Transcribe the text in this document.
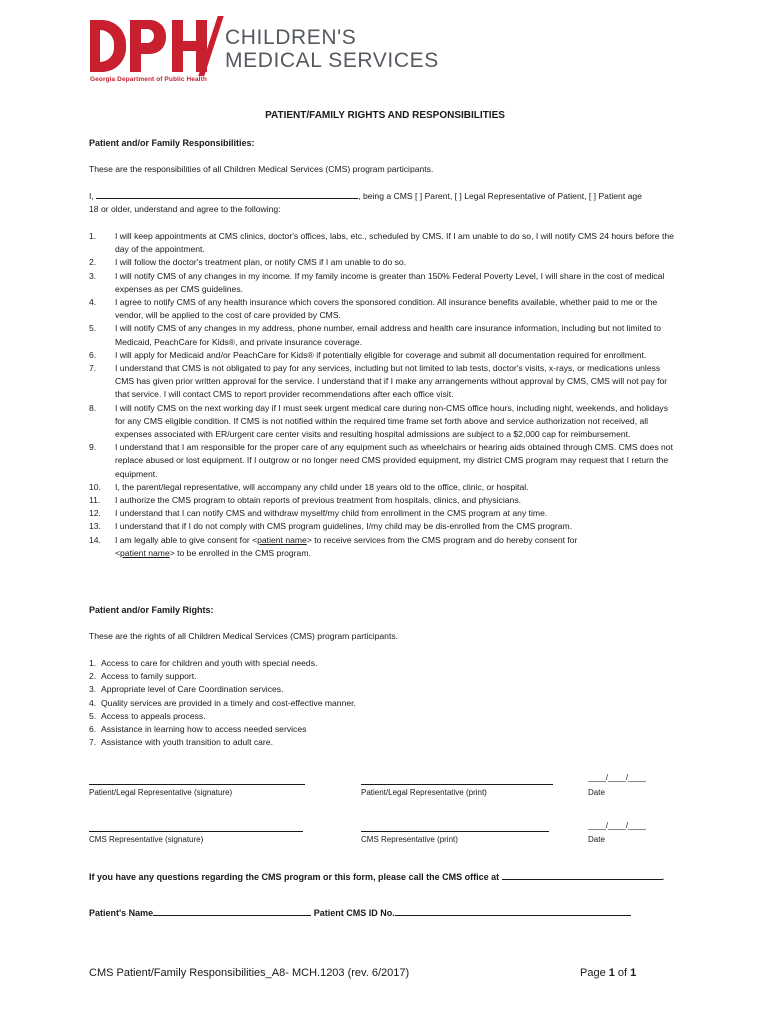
Georgia Department of Public Health
CHILDREN'S
MEDICAL SERVICES
PATIENT/FAMILY RIGHTS AND RESPONSIBILITIES
Patient and/or Family Responsibilities:
These are the responsibilities of all Children Medical Services (CMS) program participants.
I,	, being a CMS [ ] Parent, [ ] Legal Representative of Patient, [ ] Patient age
18 or older, understand and agree to the following:
1. I will keep appointments at CMS clinics, doctor's offices, labs, etc., scheduled by CMS. If I am unable to do so, I will notify CMS 24 hours before the day of the appointment.
2. I will follow the doctor's treatment plan, or notify CMS if I am unable to do so.
3. I will notify CMS of any changes in my income. If my family income is greater than 150% Federal Poverty Level, I will share in the cost of medical expenses as per CMS guidelines.
4. I agree to notify CMS of any health insurance which covers the sponsored condition. All insurance benefits available, whether paid to me or the vendor, will be applied to the cost of care provided by CMS.
5. I will notify CMS of any changes in my address, phone number, email address and health care insurance information, including but not limited to Medicaid, PeachCare for Kids®, and private insurance coverage.
6. I will apply for Medicaid and/or PeachCare for Kids® if potentially eligible for coverage and submit all documentation required for enrollment.
7. I understand that CMS is not obligated to pay for any services, including but not limited to lab tests, doctor's visits, x-rays, or medications unless CMS has given prior written approval for the service. I understand that if I make any arrangements without approval by CMS, CMS will not pay for that service. I will contact CMS to report provider recommendations after each office visit.
8. I will notify CMS on the next working day if I must seek urgent medical care during non-CMS office hours, including night, weekends, and holidays for any CMS eligible condition. If CMS is not notified within the required time frame set forth above and service authorization not received, all expenses associated with ER/urgent care center visits and resulting hospital admissions are subject to a $2,000 cap for reimbursement.
9. I understand that I am responsible for the proper care of any equipment such as wheelchairs or hearing aids obtained through CMS. CMS does not replace abused or lost equipment. If I outgrow or no longer need CMS provided equipment, my district CMS program may request that I return the equipment.
10. I, the parent/legal representative, will accompany any child under 18 years old to the office, clinic, or hospital.
11. I authorize the CMS program to obtain reports of previous treatment from hospitals, clinics, and physicians.
12. I understand that I can notify CMS and withdraw myself/my child from enrollment in the CMS program at any time.
13. I understand that if I do not comply with CMS program guidelines, I/my child may be dis-enrolled from the CMS program.
14. I am legally able to give consent for <patient name> to receive services from the CMS program and do hereby consent for
<patient name> to be enrolled in the CMS program.
Patient and/or Family Rights:
These are the rights of all Children Medical Services (CMS) program participants.
1. Access to care for children and youth with special needs.
2. Access to family support.
3. Appropriate level of Care Coordination services.
4. Quality services are provided in a timely and cost-effective manner.
5. Access to appeals process.
6. Assistance in learning how to access needed services
7. Assistance with youth transition to adult care.
Patient/Legal Representative (signature)	Patient/Legal Representative (print)
____/____/____
Date
CMS Representative (signature)	CMS Representative (print)
____/____/____
Date
If you have any questions regarding the CMS program or this form, please call the CMS office at	.
Patient's Name	Patient CMS ID No.
CMS Patient/Family Responsibilities_A8- MCH.1203 (rev. 6/2017)	Page 1 of 1
